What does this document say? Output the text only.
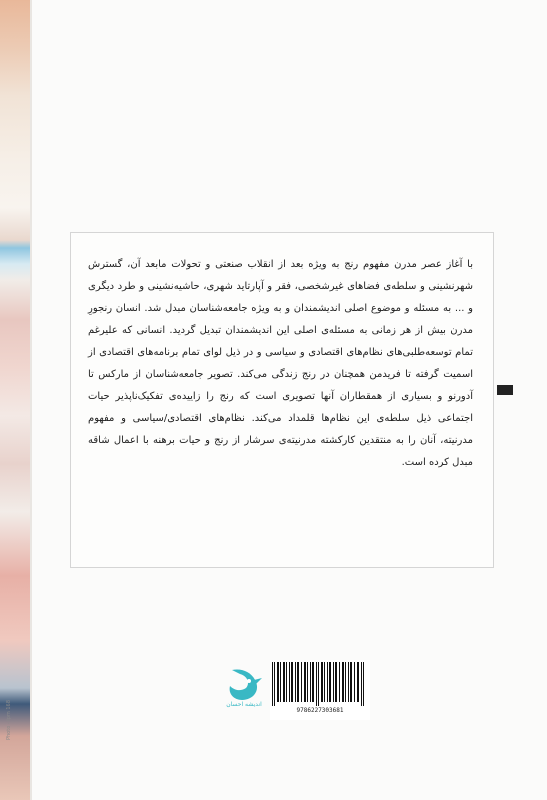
Photo - Ipm 168
با آغاز عصر مدرن مفهوم رنج به ویژه بعد از انقلاب صنعتی و تحولات مابعد آن، گسترش شهرنشینی و سلطه‌ی فضاهای غیرشخصی، فقر و آپارتاید شهری، حاشیه‌نشینی و طرد دیگری و ... به مسئله و موضوع اصلی اندیشمندان و به ویژه جامعه‌شناسان مبدل شد. انسان رنجورِ مدرن بیش از هر زمانی به مسئله‌ی اصلی این اندیشمندان تبدیل گردید. انسانی که علیرغم تمام توسعه‌طلبی‌های نظام‌های اقتصادی و سیاسی و در ذیل لوای تمام برنامه‌های اقتصادی از اسمیت گرفته تا فریدمن همچنان در رنج زندگی می‌کند. تصویر جامعه‌شناسان از مارکس تا آدورنو و بسیاری از همقطاران آنها تصویری است که رنج را زاییده‌ی تفکیک‌ناپذیر حیات اجتماعی ذیل سلطه‌ی این نظام‌ها قلمداد می‌کند. نظام‌های اقتصادی/سیاسی و مفهوم مدرنیته، آنان را به منتقدین کارکشته مدرنیته‌ی سرشار از رنج و حیات برهنه با اعمال شاقه مبدل کرده است.
اندیشه احسان
9786227303681
